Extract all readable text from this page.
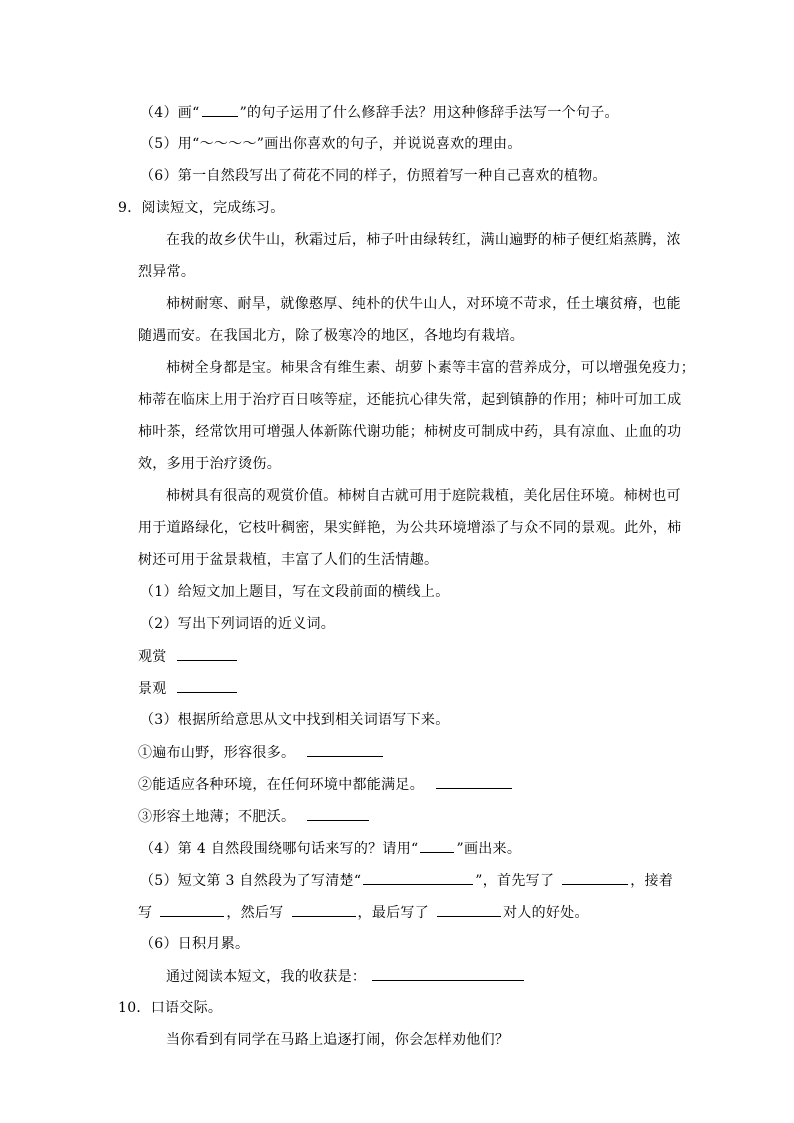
（4）画“	”的句子运用了什么修辞手法？用这种修辞手法写一个句子。
（5）用“～～～～”画出你喜欢的句子，并说说喜欢的理由。
（6）第一自然段写出了荷花不同的样子，仿照着写一种自己喜欢的植物。
9．阅读短文，完成练习。
在我的故乡伏牛山，秋霜过后，柿子叶由绿转红，满山遍野的柿子便红焰蒸腾，浓
烈异常。
柿树耐寒、耐旱，就像憨厚、纯朴的伏牛山人，对环境不苛求，任土壤贫瘠，也能
随遇而安。在我国北方，除了极寒冷的地区，各地均有栽培。
柿树全身都是宝。柿果含有维生素、胡萝卜素等丰富的营养成分，可以增强免疫力；
柿蒂在临床上用于治疗百日咳等症，还能抗心律失常，起到镇静的作用；柿叶可加工成
柿叶茶，经常饮用可增强人体新陈代谢功能；柿树皮可制成中药，具有凉血、止血的功
效，多用于治疗烫伤。
柿树具有很高的观赏价值。柿树自古就可用于庭院栽植，美化居住环境。柿树也可
用于道路绿化，它枝叶稠密，果实鲜艳，为公共环境增添了与众不同的景观。此外，柿
树还可用于盆景栽植，丰富了人们的生活情趣。
（1）给短文加上题目，写在文段前面的横线上。
（2）写出下列词语的近义词。
观赏
景观
（3）根据所给意思从文中找到相关词语写下来。
①遍布山野，形容很多。
②能适应各种环境，在任何环境中都能满足。
③形容土地薄；不肥沃。
（4）第 4 自然段围绕哪句话来写的？请用“	”画出来。
（5）短文第 3 自然段为了写清楚“	”，首先写了	，接着
写	，然后写	，最后写了	对人的好处。
（6）日积月累。
通过阅读本短文，我的收获是：
10．口语交际。
当你看到有同学在马路上追逐打闹，你会怎样劝他们？
